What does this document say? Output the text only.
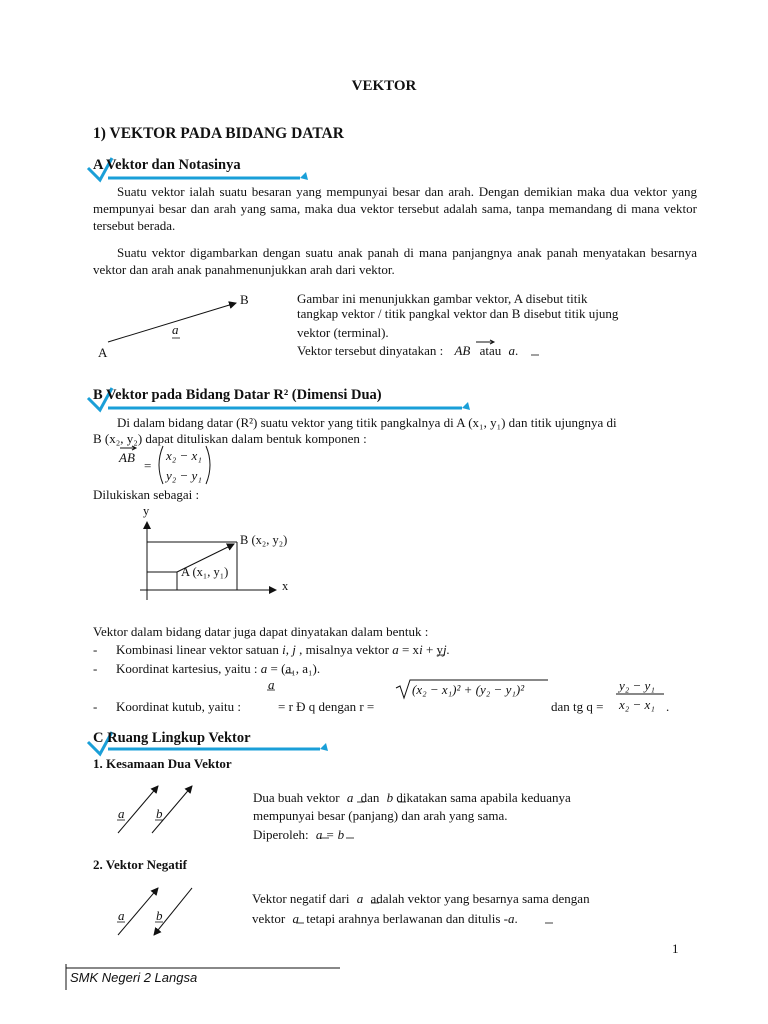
VEKTOR
1) VEKTOR PADA BIDANG DATAR
A Vektor dan Notasinya
Suatu vektor ialah suatu besaran yang mempunyai besar dan arah. Dengan demikian maka dua vektor yang mempunyai besar dan arah yang sama, maka dua vektor tersebut adalah sama, tanpa memandang di mana vektor tersebut berada.
Suatu vektor digambarkan dengan suatu anak panah di mana panjangnya anak panah menyatakan besarnya vektor dan arah anak panahmenunjukkan arah dari vektor.
B
a
A
Gambar ini menunjukkan gambar vektor, A disebut titik
tangkap vektor / titik pangkal vektor dan B disebut titik ujung
vektor (terminal).
Vektor tersebut dinyatakan : AB atau a.
B Vektor pada Bidang Datar R² (Dimensi Dua)
Di dalam bidang datar (R²) suatu vektor yang titik pangkalnya di A (x₁, y₁) dan titik ujungnya di
B (x₂, y₂) dapat dituliskan dalam bentuk komponen :
AB
=
x₂ − x₁
y₂ − y₁
Dilukiskan sebagai :
y
x
B (x₂, y₂)
A (x₁, y₁)
Vektor dalam bidang datar juga dapat dinyatakan dalam bentuk :
- Kombinasi linear vektor satuan i, j , misalnya vektor a = xi + yj.
- Koordinat kartesius, yaitu : a = (a₁, a₁).
a
- Koordinat kutub, yaitu :	= r Ð q dengan r =
(x₂ − x₁)² + (y₂ − y₁)²
dan tg q =
y₂ − y₁
x₂ − x₁ .
C Ruang Lingkup Vektor
1. Kesamaan Dua Vektor
a b
Dua buah vektor a dan b dikatakan sama apabila keduanya
mempunyai besar (panjang) dan arah yang sama.
Diperoleh: a = b
2. Vektor Negatif
a b
Vektor negatif dari a adalah vektor yang besarnya sama dengan
vektor a tetapi arahnya berlawanan dan ditulis -a.
1
SMK Negeri 2 Langsa
